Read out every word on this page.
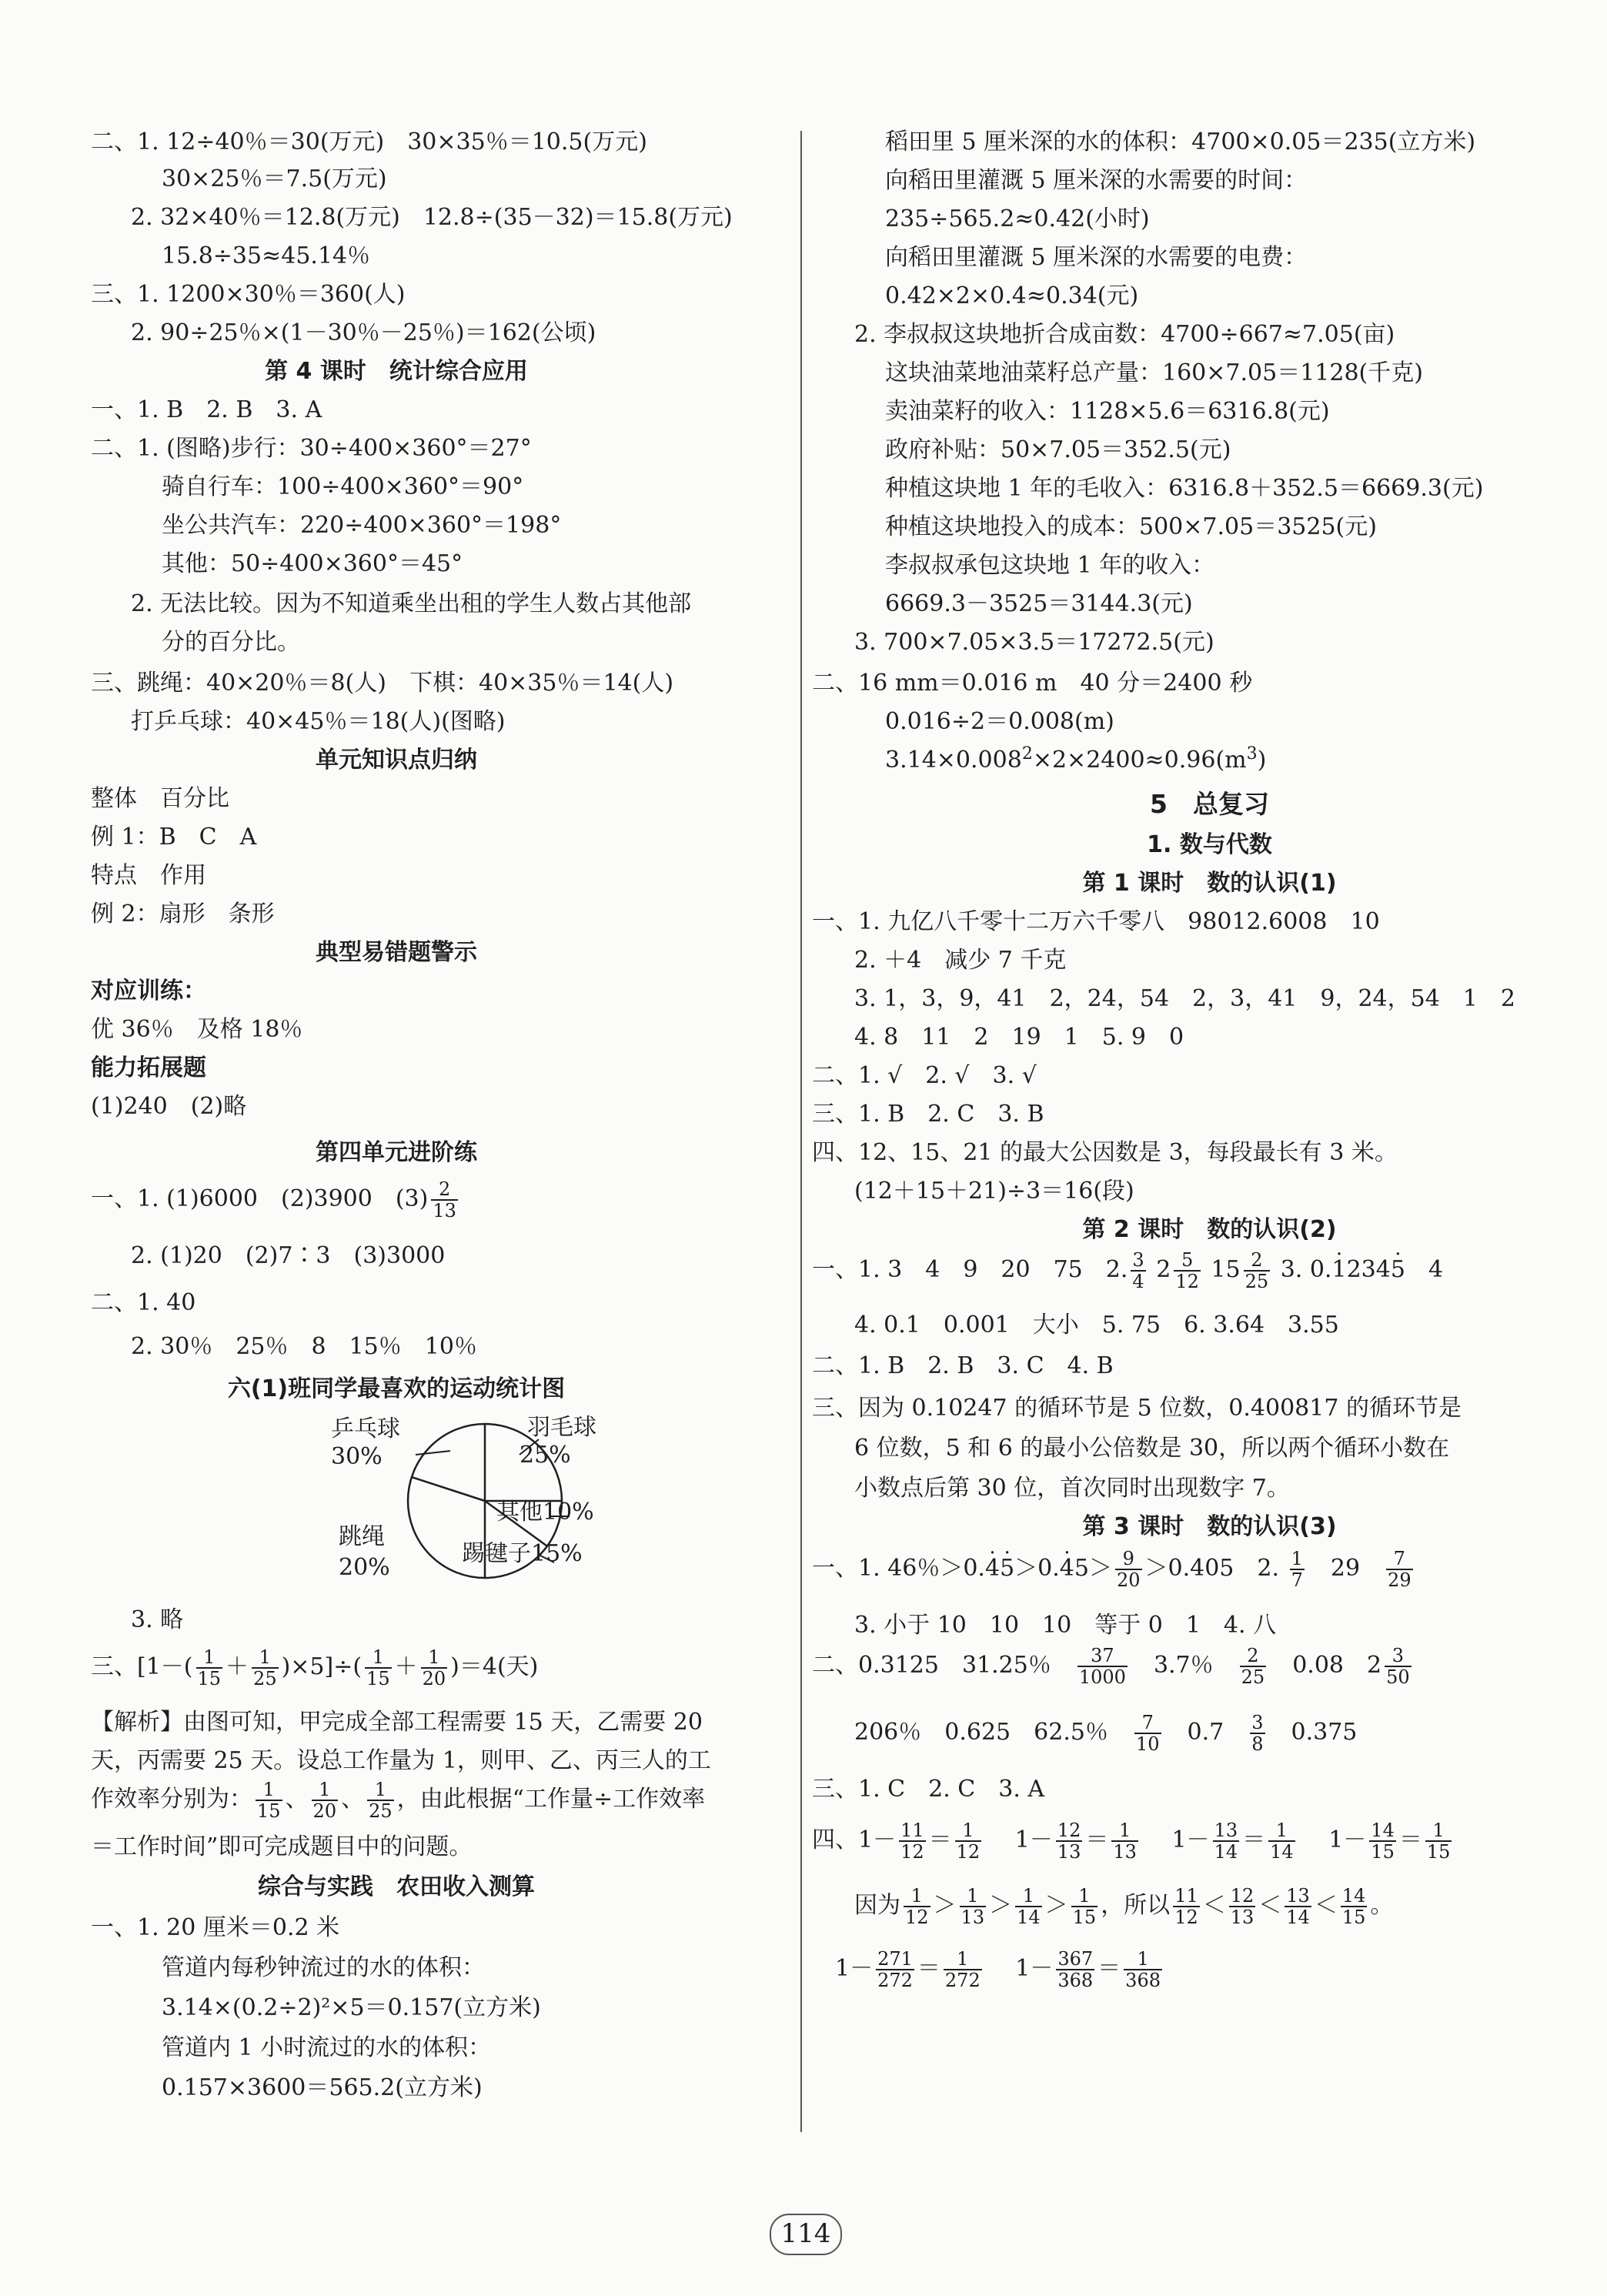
二、1. 12÷40％＝30(万元)　30×35％＝10.5(万元)
30×25％＝7.5(万元)
2. 32×40％＝12.8(万元)　12.8÷(35－32)＝15.8(万元)
15.8÷35≈45.14％
三、1. 1200×30％＝360(人)
2. 90÷25％×(1－30％－25％)＝162(公顷)
第 4 课时　统计综合应用
一、1. B　2. B　3. A
二、1. (图略)步行：30÷400×360°＝27°
骑自行车：100÷400×360°＝90°
坐公共汽车：220÷400×360°＝198°
其他：50÷400×360°＝45°
2. 无法比较。因为不知道乘坐出租的学生人数占其他部
分的百分比。
三、跳绳：40×20％＝8(人)　下棋：40×35％＝14(人)
打乒乓球：40×45％＝18(人)(图略)
单元知识点归纳
整体　百分比
例 1：B　C　A
特点　作用
例 2：扇形　条形
典型易错题警示
对应训练：
优 36％　及格 18％
能力拓展题
(1)240　(2)略
第四单元进阶练
一、1. (1)6000　(2)3900　$(3) \frac{2}{13}$
2. (1)20　(2)7∶3　(3)3000
二、1. 40
2. 30％　25％　8　15％　10％
六(1)班同学最喜欢的运动统计图
乒乓球
30%
羽毛球
25%
其他10%
跳绳
20%
踢毽子15%
3. 略
三、$[1-( \frac{1}{15} + \frac{1}{25} )\times 5]\div( \frac{1}{15} + \frac{1}{20} )=4$(天)
【解析】由图可知，甲完成全部工程需要 15 天，乙需要 20
天，丙需要 25 天。设总工作量为 1，则甲、乙、丙三人的工
作效率分别为： $\frac{1}{15}$ 、 $\frac{1}{20}$ 、 $\frac{1}{25}$ ，由此根据“工作量÷工作效率
＝工作时间”即可完成题目中的问题。
综合与实践　农田收入测算
一、1. 20 厘米＝0.2 米
管道内每秒钟流过的水的体积：
3.14×(0.2÷2)²×5＝0.157(立方米)
管道内 1 小时流过的水的体积：
0.157×3600＝565.2(立方米)
稻田里 5 厘米深的水的体积：4700×0.05＝235(立方米)
向稻田里灌溉 5 厘米深的水需要的时间：
235÷565.2≈0.42(小时)
向稻田里灌溉 5 厘米深的水需要的电费：
0.42×2×0.4≈0.34(元)
2. 李叔叔这块地折合成亩数：4700÷667≈7.05(亩)
这块油菜地油菜籽总产量：160×7.05＝1128(千克)
卖油菜籽的收入：1128×5.6＝6316.8(元)
政府补贴：50×7.05＝352.5(元)
种植这块地 1 年的毛收入：6316.8＋352.5＝6669.3(元)
种植这块地投入的成本：500×7.05＝3525(元)
李叔叔承包这块地 1 年的收入：
6669.3－3525＝3144.3(元)
3. 700×7.05×3.5＝17272.5(元)
二、16 mm＝0.016 m　40 分＝2400 秒
0.016÷2＝0.008(m)
$3.14\times 0.008^2\times 2\times 2400\approx 0.96(m^3)$
5　总复习
1. 数与代数
第 1 课时　数的认识(1)
一、1. 九亿八千零十二万六千零八　98012.6008　10
2. ＋4　减少 7 千克
3. 1，3，9，41　2，24，54　2，3，41　9，24，54　1　2
4. 8　11　2　19　1　5. 9　0
二、1. √　2. √　3. √
三、1. B　2. C　3. B
四、12、15、21 的最大公因数是 3，每段最长有 3 米。
(12＋15＋21)÷3＝16(段)
第 2 课时　数的认识(2)
一、1. 3　4　9　20　75　2. $\frac{3}{4} 2 \frac{5}{12} 15 \frac{2}{25} 3$. 0.· 1234· 5　 4
4. 0.1　0.001　大小　5. 75　6. 3.64　3.55
二、1. B　2. B　3. C　4. B
三、因为 0.10247 的循环节是 5 位数，0.400817 的循环节是
6 位数，5 和 6 的最小公倍数是 30，所以两个循环小数在
小数点后第 30 位，首次同时出现数字 7。
第 3 课时　数的认识(3)
一、1. 46％$>0.\cdot 4\cdot 5>0.\cdot 45> \frac{9}{20} >0.405$　2. $\frac{1}{7}$
　 29　 $\frac{7}{29}$
3. 小于 10　10　10　等于 0　1　4. 八
二、0.3125　31.25％　 $\frac{37}{1000}$
　 3.7％　 $\frac{2}{25}$
　 0.08　$2 \frac{3}{50}$
206％　0.625　62.5％　 $\frac{7}{10}$
　 0.7　 $\frac{3}{8}$
　 0.375
三、1. C　2. C　3. A
四、$1- \frac{11}{12} = \frac{1}{12}$ 　$1- \frac{12}{13} = \frac{1}{13}$ 　$1- \frac{13}{14} = \frac{1}{14}$ 　$1- \frac{14}{15} = \frac{1}{15}$
因为 $\frac{1}{12} > \frac{1}{13} > \frac{1}{14} > \frac{1}{15}$ ，所以 $\frac{11}{12} < \frac{12}{13} < \frac{13}{14} < \frac{14}{15}$ 。
$1- \frac{271}{272} = \frac{1}{272}$ 　$1- \frac{367}{368} = \frac{1}{368}$
114
